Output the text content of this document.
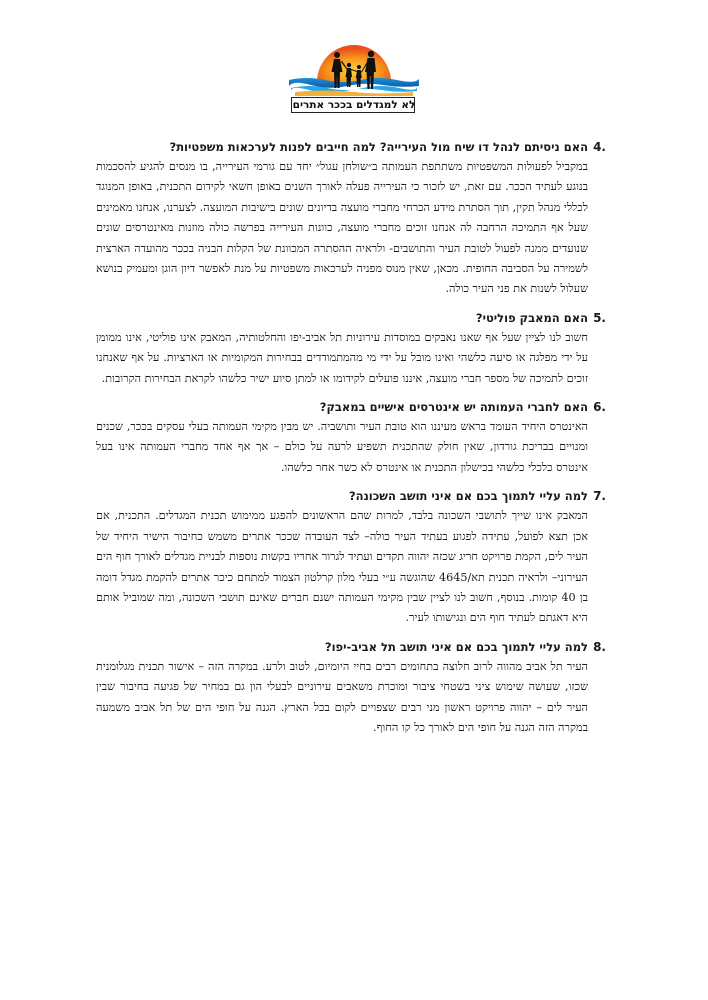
לא למגדלים בככר אתרים
4.
האם ניסיתם לנהל דו שיח מול העירייה? למה חייבים לפנות לערכאות משפטיות?

במקביל לפעולות המשפטיות משתתפת העמותה ב״שולחן עגול״ יחד עם גורמי העירייה, בו מנסים להגיע להסכמות בנוגע לעתיד הככר. עם זאת, יש לזכור כי העירייה פעלה לאורך השנים באופן חשאי לקידום התכנית, באופן המנוגד לכללי מנהל תקין, תוך הסתרת מידע הכרחי מחברי מועצה בדיונים שונים בישיבות המועצה. לצערנו, אנחנו מאמינים שעל אף התמיכה הרחבה לה אנחנו זוכים מחברי מועצה, כוונות העירייה בפרשה כולה מוזנות מאינטרסים שונים שנועדים ממנה לפעול לטובת העיר והתושבים- ולראיה ההסתרה המכוונת של הקלות הבניה בככר מהועדה הארצית לשמירה על הסביבה החופית. מכאן, שאין מנוס מפניה לערכאות משפטיות על מנת לאפשר דיון הוגן ומעמיק בנושא שעלול לשנות את פני העיר כולה.

5.
האם המאבק פוליטי?

חשוב לנו לציין שעל אף שאנו נאבקים במוסדות עירוניות תל אביב-יפו והחלטותיה, המאבק אינו פוליטי, אינו ממומן על ידי מפלגה או סיעה כלשהי ואינו מובל על ידי מי מהמתמודדים בבחירות המקומיות או הארציות. על אף שאנחנו זוכים לתמיכה של מספר חברי מועצה, איננו פועלים לקידומו או למתן סיוע ישיר כלשהו לקראת הבחירות הקרובות.

6.
האם לחברי העמותה יש אינטרסים אישיים במאבק?

האינטרס היחיד העומד בראש מעיננו הוא טובת העיר ותושביה. יש מבין מקימי העמותה בעלי עסקים בככר, שכנים ומנויים בבריכת גורדון, שאין חולק שהתכנית תשפיע לרעה על כולם – אך אף אחד מחברי העמותה אינו בעל אינטרס כלכלי כלשהי בכישלון התכנית או אינטרס לא כשר אחר כלשהו.

7.
למה עליי לתמוך בכם אם איני תושב השכונה?

המאבק אינו שייך לתושבי השכונה בלבד, למרות שהם הראשונים להפגע ממימוש תכנית המגדלים. התכנית, אם אכן תצא לפועל, עתידה לפגוע בעתיד העיר כולה– לצד העובדה שככר אתרים משמש כחיבור הישיר היחיד של העיר לים, הקמת פרויקט חריג שכזה יהווה תקדים ועתיד לגרור אחריו בקשות נוספות לבניית מגדלים לאורך חוף הים העירוני– ולראיה תכנית תא/4645 שהוגשה ע״י בעלי מלון קרלטון הצמוד למתחם כיכר אתרים להקמת מגדל דומה בן 40 קומות. בנוסף, חשוב לנו לציין שבין מקימי העמותה ישנם חברים שאינם תושבי השכונה, ומה שמוביל אותם היא דאגתם לעתיד חוף הים ונגישותו לעיר.

8.
למה עליי לתמוך בכם אם איני תושב תל אביב-יפו?

העיר תל אביב מהווה לרוב חלוצה בתחומים רבים בחיי היומיום, לטוב ולרע. במקרה הזה – אישור תכנית מגלומנית שכזו, שעושה שימוש ציני בשטחי ציבור ומוכרת משאבים עירוניים לבעלי הון גם במחיר של פגיעה בחיבור שבין העיר לים – יהווה פרויקט ראשון מני רבים שצפויים לקום בכל הארץ. הגנה על חופי הים של תל אביב משמעה במקרה הזה הגנה על חופי הים לאורך כל קו החוף.
